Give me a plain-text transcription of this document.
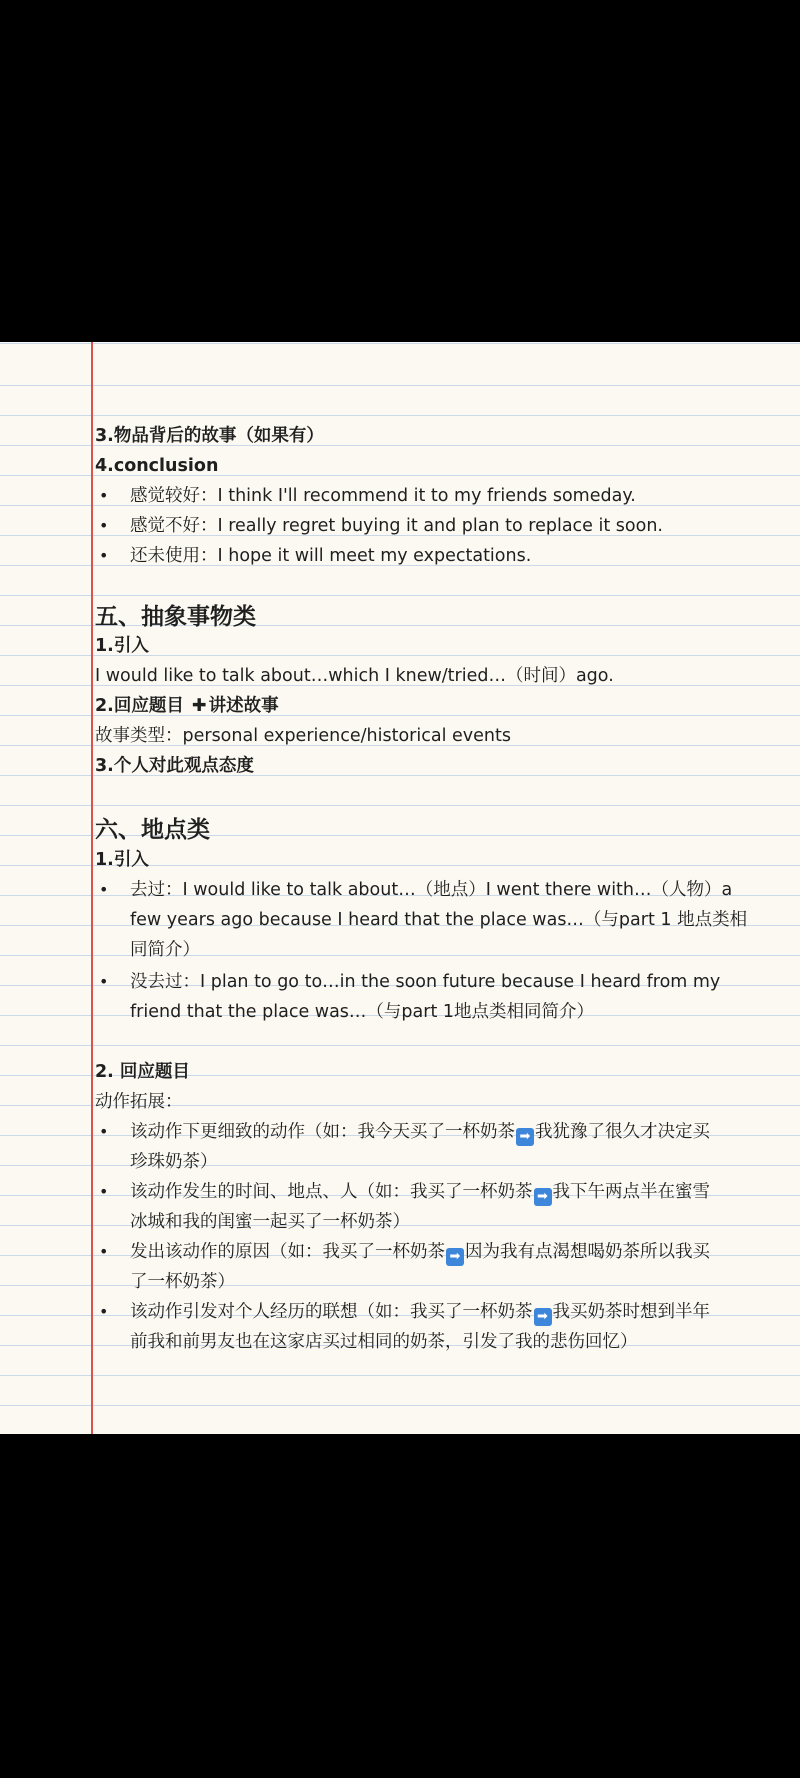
3.物品背后的故事（如果有）
4.conclusion
• 感觉较好：I think I'll recommend it to my friends someday.
• 感觉不好：I really regret buying it and plan to replace it soon.
• 还未使用：I hope it will meet my expectations.
五、抽象事物类
1.引入
I would like to talk about…which I knew/tried…（时间）ago.
2.回应题目 ✚ 讲述故事
故事类型：personal experience/historical events
3.个人对此观点态度
六、地点类
1.引入
• 去过：I would like to talk about…（地点）I went there with…（人物）a
few years ago because I heard that the place was…（与part 1 地点类相
同简介）
• 没去过：I plan to go to…in the soon future because I heard from my
friend that the place was…（与part 1地点类相同简介）
2. 回应题目
动作拓展：
• 该动作下更细致的动作（如：我今天买了一杯奶茶 ➡ 我犹豫了很久才决定买
珍珠奶茶）
• 该动作发生的时间、地点、人（如：我买了一杯奶茶 ➡ 我下午两点半在蜜雪
冰城和我的闺蜜一起买了一杯奶茶）
• 发出该动作的原因（如：我买了一杯奶茶 ➡ 因为我有点渴想喝奶茶所以我买
了一杯奶茶）
• 该动作引发对个人经历的联想（如：我买了一杯奶茶 ➡ 我买奶茶时想到半年
前我和前男友也在这家店买过相同的奶茶，引发了我的悲伤回忆）
